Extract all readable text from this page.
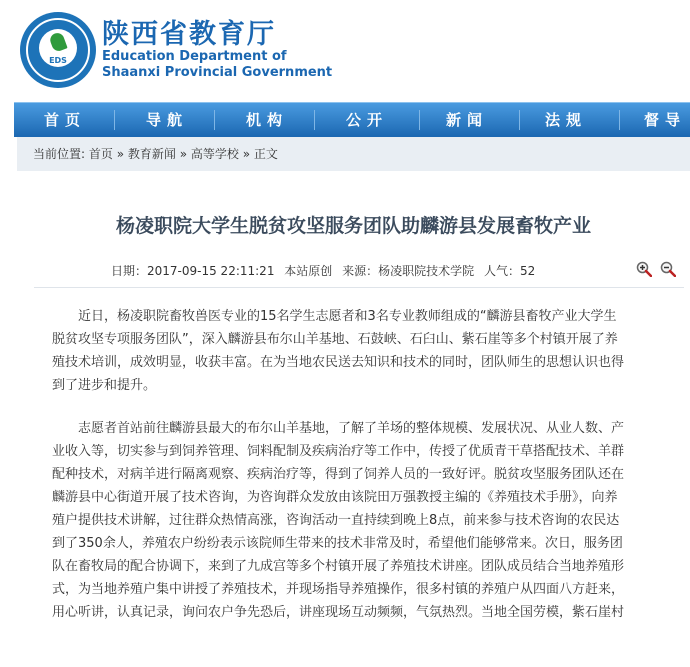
EDS
陕西省教育厅
Education Department of
Shaanxi Provincial Government
首页	导航	机构	公开	新闻	法规	督导
当前位置: 首页 » 教育新闻 » 高等学校 » 正文
杨凌职院大学生脱贫攻坚服务团队助麟游县发展畜牧产业
日期：2017-09-15 22:11:21 本站原创 来源：杨凌职院技术学院 人气：52
近日，杨凌职院畜牧兽医专业的15名学生志愿者和3名专业教师组成的“麟游县畜牧产业大学生
脱贫攻坚专项服务团队”，深入麟游县布尔山羊基地、石鼓峡、石臼山、紫石崖等多个村镇开展了养
殖技术培训，成效明显，收获丰富。在为当地农民送去知识和技术的同时，团队师生的思想认识也得
到了进步和提升。
志愿者首站前往麟游县最大的布尔山羊基地，了解了羊场的整体规模、发展状况、从业人数、产
业收入等，切实参与到饲养管理、饲料配制及疾病治疗等工作中，传授了优质青干草搭配技术、羊群
配种技术，对病羊进行隔离观察、疾病治疗等，得到了饲养人员的一致好评。脱贫攻坚服务团队还在
麟游县中心街道开展了技术咨询，为咨询群众发放由该院田万强教授主编的《养殖技术手册》，向养
殖户提供技术讲解，过往群众热情高涨，咨询活动一直持续到晚上8点，前来参与技术咨询的农民达
到了350余人，养殖农户纷纷表示该院师生带来的技术非常及时，希望他们能够常来。次日，服务团
队在畜牧局的配合协调下，来到了九成宫等多个村镇开展了养殖技术讲座。团队成员结合当地养殖形
式，为当地养殖户集中讲授了养殖技术，并现场指导养殖操作，很多村镇的养殖户从四面八方赶来，
用心听讲，认真记录，询问农户争先恐后，讲座现场互动频频，气氛热烈。当地全国劳模，紫石崖村
